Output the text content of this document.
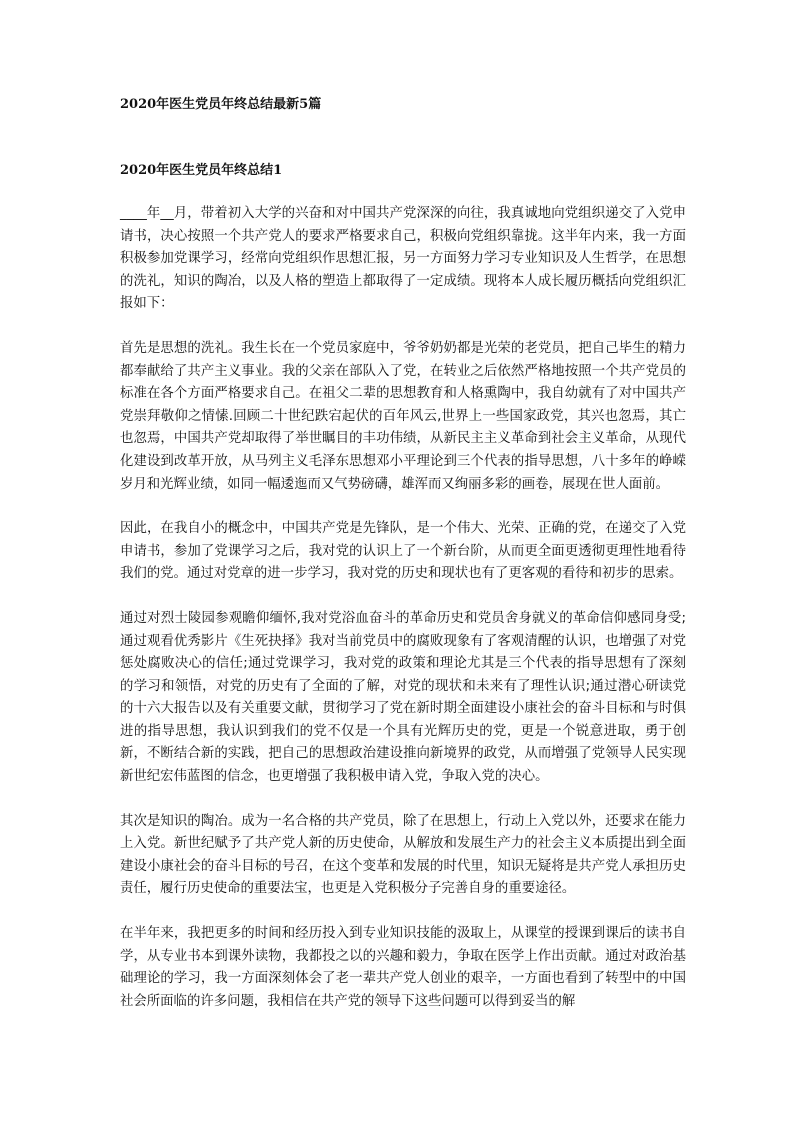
2020年医生党员年终总结最新5篇
2020年医生党员年终总结1

____年__月，带着初入大学的兴奋和对中国共产党深深的向往，我真诚地向党组织递交了入党申请书，决心按照一个共产党人的要求严格要求自己，积极向党组织靠拢。这半年内来，我一方面积极参加党课学习，经常向党组织作思想汇报，另一方面努力学习专业知识及人生哲学，在思想的洗礼，知识的陶冶，以及人格的塑造上都取得了一定成绩。现将本人成长履历概括向党组织汇报如下：

首先是思想的洗礼。我生长在一个党员家庭中，爷爷奶奶都是光荣的老党员，把自己毕生的精力都奉献给了共产主义事业。我的父亲在部队入了党，在转业之后依然严格地按照一个共产党员的标准在各个方面严格要求自己。在祖父二辈的思想教育和人格熏陶中，我自幼就有了对中国共产党崇拜敬仰之情愫.回顾二十世纪跌宕起伏的百年风云,世界上一些国家政党，其兴也忽焉，其亡也忽焉，中国共产党却取得了举世瞩目的丰功伟绩，从新民主主义革命到社会主义革命，从现代化建设到改革开放，从马列主义毛泽东思想邓小平理论到三个代表的指导思想，八十多年的峥嵘岁月和光辉业绩，如同一幅逶迤而又气势磅礴，雄浑而又绚丽多彩的画卷，展现在世人面前。

因此，在我自小的概念中，中国共产党是先锋队，是一个伟大、光荣、正确的党，在递交了入党申请书，参加了党课学习之后，我对党的认识上了一个新台阶，从而更全面更透彻更理性地看待我们的党。通过对党章的进一步学习，我对党的历史和现状也有了更客观的看待和初步的思索。

通过对烈士陵园参观瞻仰缅怀,我对党浴血奋斗的革命历史和党员舍身就义的革命信仰感同身受;通过观看优秀影片《生死抉择》我对当前党员中的腐败现象有了客观清醒的认识，也增强了对党惩处腐败决心的信任;通过党课学习，我对党的政策和理论尤其是三个代表的指导思想有了深刻的学习和领悟，对党的历史有了全面的了解，对党的现状和未来有了理性认识;通过潜心研读党的十六大报告以及有关重要文献，贯彻学习了党在新时期全面建设小康社会的奋斗目标和与时俱进的指导思想，我认识到我们的党不仅是一个具有光辉历史的党，更是一个锐意进取，勇于创新，不断结合新的实践，把自己的思想政治建设推向新境界的政党，从而增强了党领导人民实现新世纪宏伟蓝图的信念，也更增强了我积极申请入党，争取入党的决心。

其次是知识的陶冶。成为一名合格的共产党员，除了在思想上，行动上入党以外，还要求在能力上入党。新世纪赋予了共产党人新的历史使命，从解放和发展生产力的社会主义本质提出到全面建设小康社会的奋斗目标的号召，在这个变革和发展的时代里，知识无疑将是共产党人承担历史责任，履行历史使命的重要法宝，也更是入党积极分子完善自身的重要途径。

在半年来，我把更多的时间和经历投入到专业知识技能的汲取上，从课堂的授课到课后的读书自学，从专业书本到课外读物，我都投之以的兴趣和毅力，争取在医学上作出贡献。通过对政治基础理论的学习，我一方面深刻体会了老一辈共产党人创业的艰辛，一方面也看到了转型中的中国社会所面临的许多问题，我相信在共产党的领导下这些问题可以得到妥当的解
